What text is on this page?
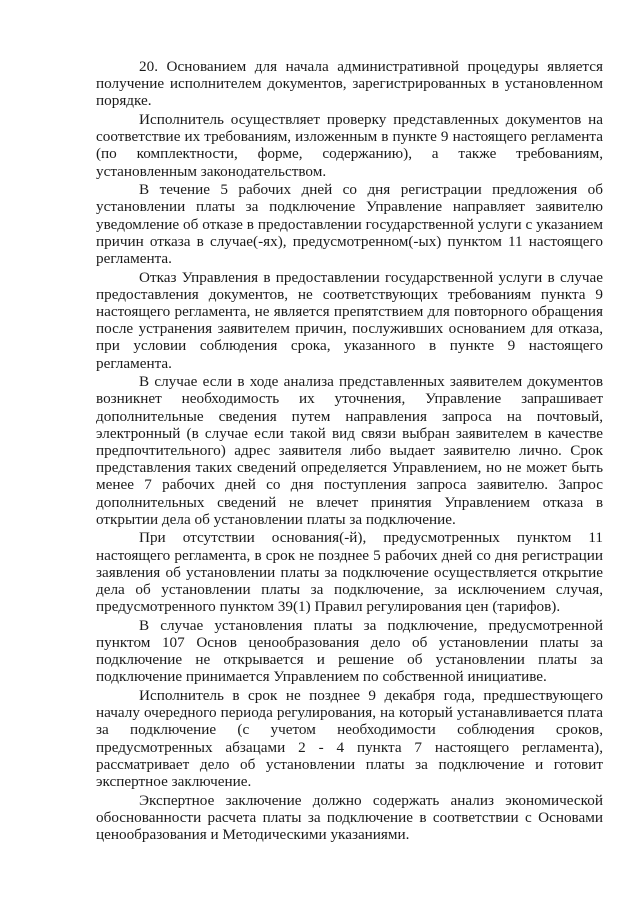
20. Основанием для начала административной процедуры является получение исполнителем документов, зарегистрированных в установленном порядке.

Исполнитель осуществляет проверку представленных документов на соответствие их требованиям, изложенным в пункте 9 настоящего регламента (по комплектности, форме, содержанию), а также требованиям, установленным законодательством.

В течение 5 рабочих дней со дня регистрации предложения об установлении платы за подключение Управление направляет заявителю уведомление об отказе в предоставлении государственной услуги с указанием причин отказа в случае(-ях), предусмотренном(-ых) пунктом 11 настоящего регламента.

Отказ Управления в предоставлении государственной услуги в случае предоставления документов, не соответствующих требованиям пункта 9 настоящего регламента, не является препятствием для повторного обращения после устранения заявителем причин, послуживших основанием для отказа, при условии соблюдения срока, указанного в пункте 9 настоящего регламента.

В случае если в ходе анализа представленных заявителем документов возникнет необходимость их уточнения, Управление запрашивает дополнительные сведения путем направления запроса на почтовый, электронный (в случае если такой вид связи выбран заявителем в качестве предпочтительного) адрес заявителя либо выдает заявителю лично. Срок представления таких сведений определяется Управлением, но не может быть менее 7 рабочих дней со дня поступления запроса заявителю. Запрос дополнительных сведений не влечет принятия Управлением отказа в открытии дела об установлении платы за подключение.

При отсутствии основания(-й), предусмотренных пунктом 11 настоящего регламента, в срок не позднее 5 рабочих дней со дня регистрации заявления об установлении платы за подключение осуществляется открытие дела об установлении платы за подключение, за исключением случая, предусмотренного пунктом 39(1) Правил регулирования цен (тарифов).

В случае установления платы за подключение, предусмотренной пунктом 107 Основ ценообразования дело об установлении платы за подключение не открывается и решение об установлении платы за подключение принимается Управлением по собственной инициативе.

Исполнитель в срок не позднее 9 декабря года, предшествующего началу очередного периода регулирования, на который устанавливается плата за подключение (с учетом необходимости соблюдения сроков, предусмотренных абзацами 2 - 4 пункта 7 настоящего регламента), рассматривает дело об установлении платы за подключение и готовит экспертное заключение.

Экспертное заключение должно содержать анализ экономической обоснованности расчета платы за подключение в соответствии с Основами ценообразования и Методическими указаниями.
